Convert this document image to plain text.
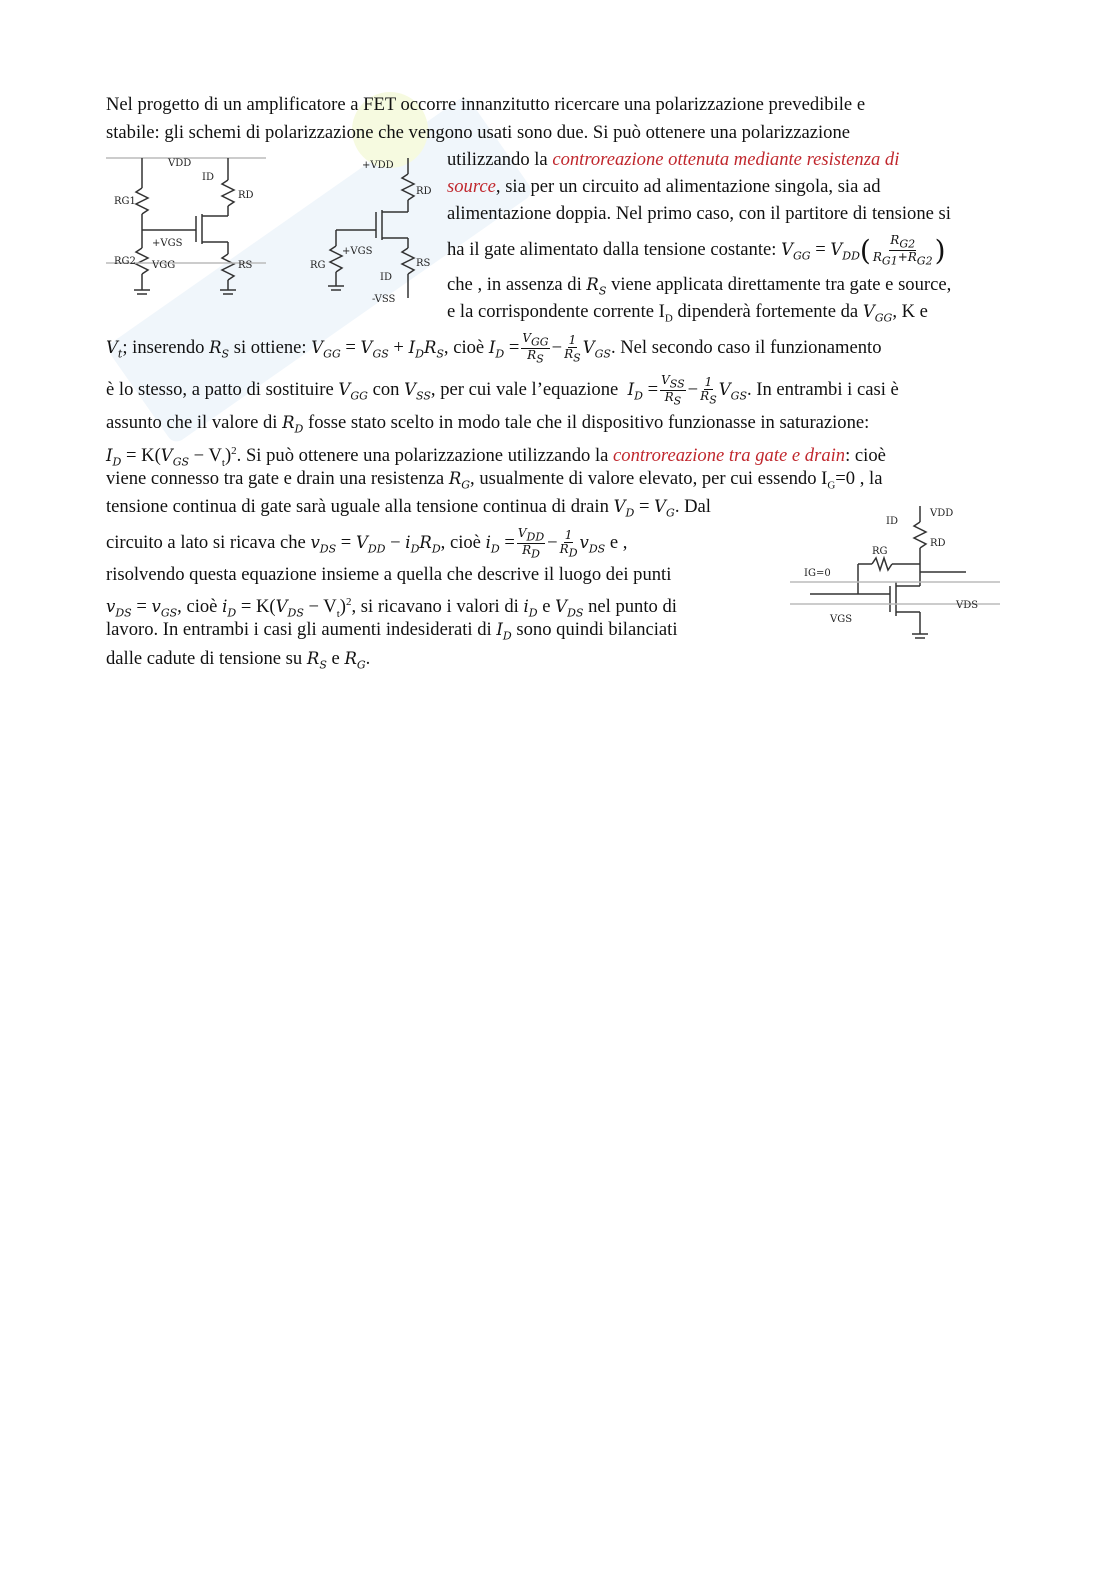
Nel progetto di un amplificatore a FET occorre innanzitutto ricercare una polarizzazione prevedibile e
stabile: gli schemi di polarizzazione che vengono usati sono due. Si può ottenere una polarizzazione
utilizzando la controreazione ottenuta mediante resistenza di
source, sia per un circuito ad alimentazione singola, sia ad
alimentazione doppia. Nel primo caso, con il partitore di tensione si
ha il gate alimentato dalla tensione costante: $V_{GG} = V_{DD}( \frac{R_{G2}}{R_{G1}+R_{G2}}$ )
che , in assenza di $R_S$ viene applicata direttamente tra gate e source,
e la corrispondente corrente $I_D$ dipenderà fortemente da $V_{GG}$, K e
$V_t$; inserendo $R_S$ si ottiene: $V_{GG} = V_{GS} + I_DR_S$, cioè $I_D = \frac{V_{GG}}{R_S} - \frac{1}{R_S} V_{GS}$. Nel secondo caso il funzionamento
è lo stesso, a patto di sostituire $V_{GG}$ con $V_{SS}$, per cui vale l’equazione $I_D = \frac{V_{SS}}{R_S} - \frac{1}{R_S} V_{GS}$. In entrambi i casi è
assunto che il valore di $R_D$ fosse stato scelto in modo tale che il dispositivo funzionasse in saturazione:
$I_D = K(V_{GS} - V_t)^2$. Si può ottenere una polarizzazione utilizzando la controreazione tra gate e drain: cioè
viene connesso tra gate e drain una resistenza $R_G$, usualmente di valore elevato, per cui essendo $I_G=0$ , la
tensione continua di gate sarà uguale alla tensione continua di drain $V_D = V_G$. Dal
circuito a lato si ricava che $v_{DS} = V_{DD} - i_DR_D$, cioè $i_D = \frac{V_{DD}}{R_D} - \frac{1}{R_D} v_{DS}$ e ,
risolvendo questa equazione insieme a quella che descrive il luogo dei punti
$v_{DS} = v_{GS}$, cioè $i_D = K(V_{DS} - V_t)^2$, si ricavano i valori di $i_D$ e $V_{DS}$ nel punto di
lavoro. In entrambi i casi gli aumenti indesiderati di $I_D$ sono quindi bilanciati
dalle cadute di tensione su $R_S$ e $R_G$.
VDD
ID
RD
RG1
RG2
+VGS
VGG	RS
+VDD
RD
RG
+VGS
ID
RS
-VSS
ID
VDD
RD
RG
IG=0
VDS
VGS
